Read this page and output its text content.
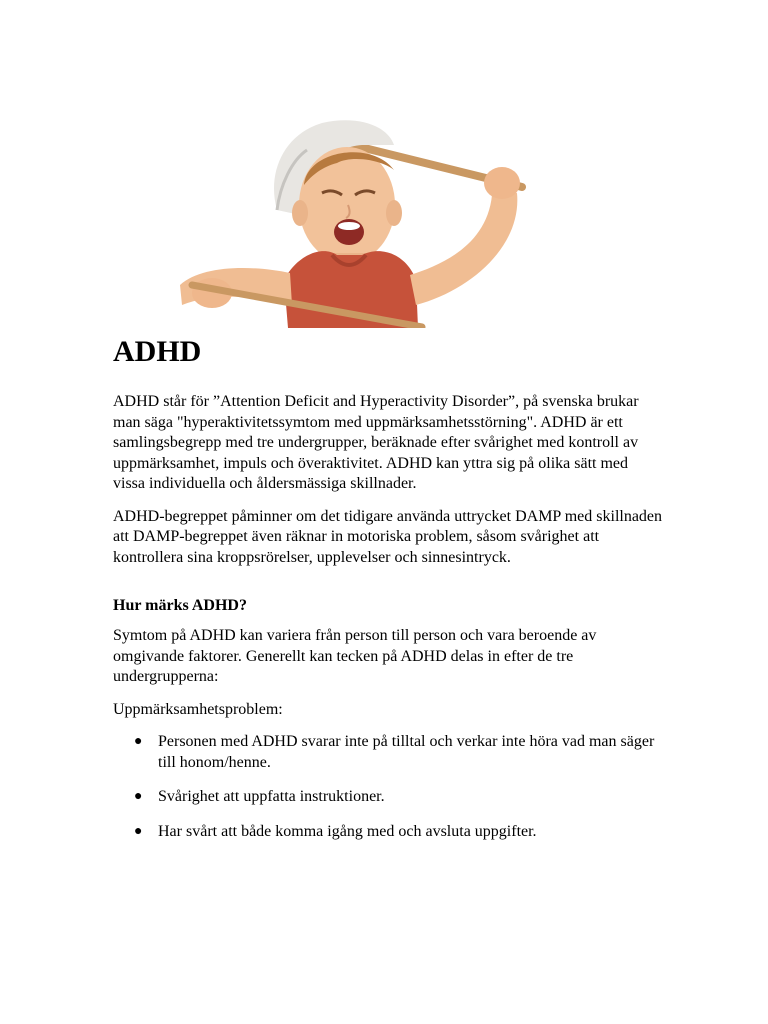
ADHD

ADHD står för ”Attention Deficit and Hyperactivity Disorder”, på svenska brukar man säga "hyperaktivitetssymtom med uppmärksamhetsstörning". ADHD är ett samlingsbegrepp med tre undergrupper, beräknade efter svårighet med kontroll av uppmärksamhet, impuls och överaktivitet. ADHD kan yttra sig på olika sätt med vissa individuella och åldersmässiga skillnader.

ADHD-begreppet påminner om det tidigare använda uttrycket DAMP med skillnaden att DAMP-begreppet även räknar in motoriska problem, såsom svårighet att kontrollera sina kroppsrörelser, upplevelser och sinnesintryck.

Hur märks ADHD?

Symtom på ADHD kan variera från person till person och vara beroende av omgivande faktorer. Generellt kan tecken på ADHD delas in efter de tre undergrupperna:

Uppmärksamhetsproblem:

● Personen med ADHD svarar inte på tilltal och verkar inte höra vad man säger till honom/henne.
● Svårighet att uppfatta instruktioner.
● Har svårt att både komma igång med och avsluta uppgifter.
